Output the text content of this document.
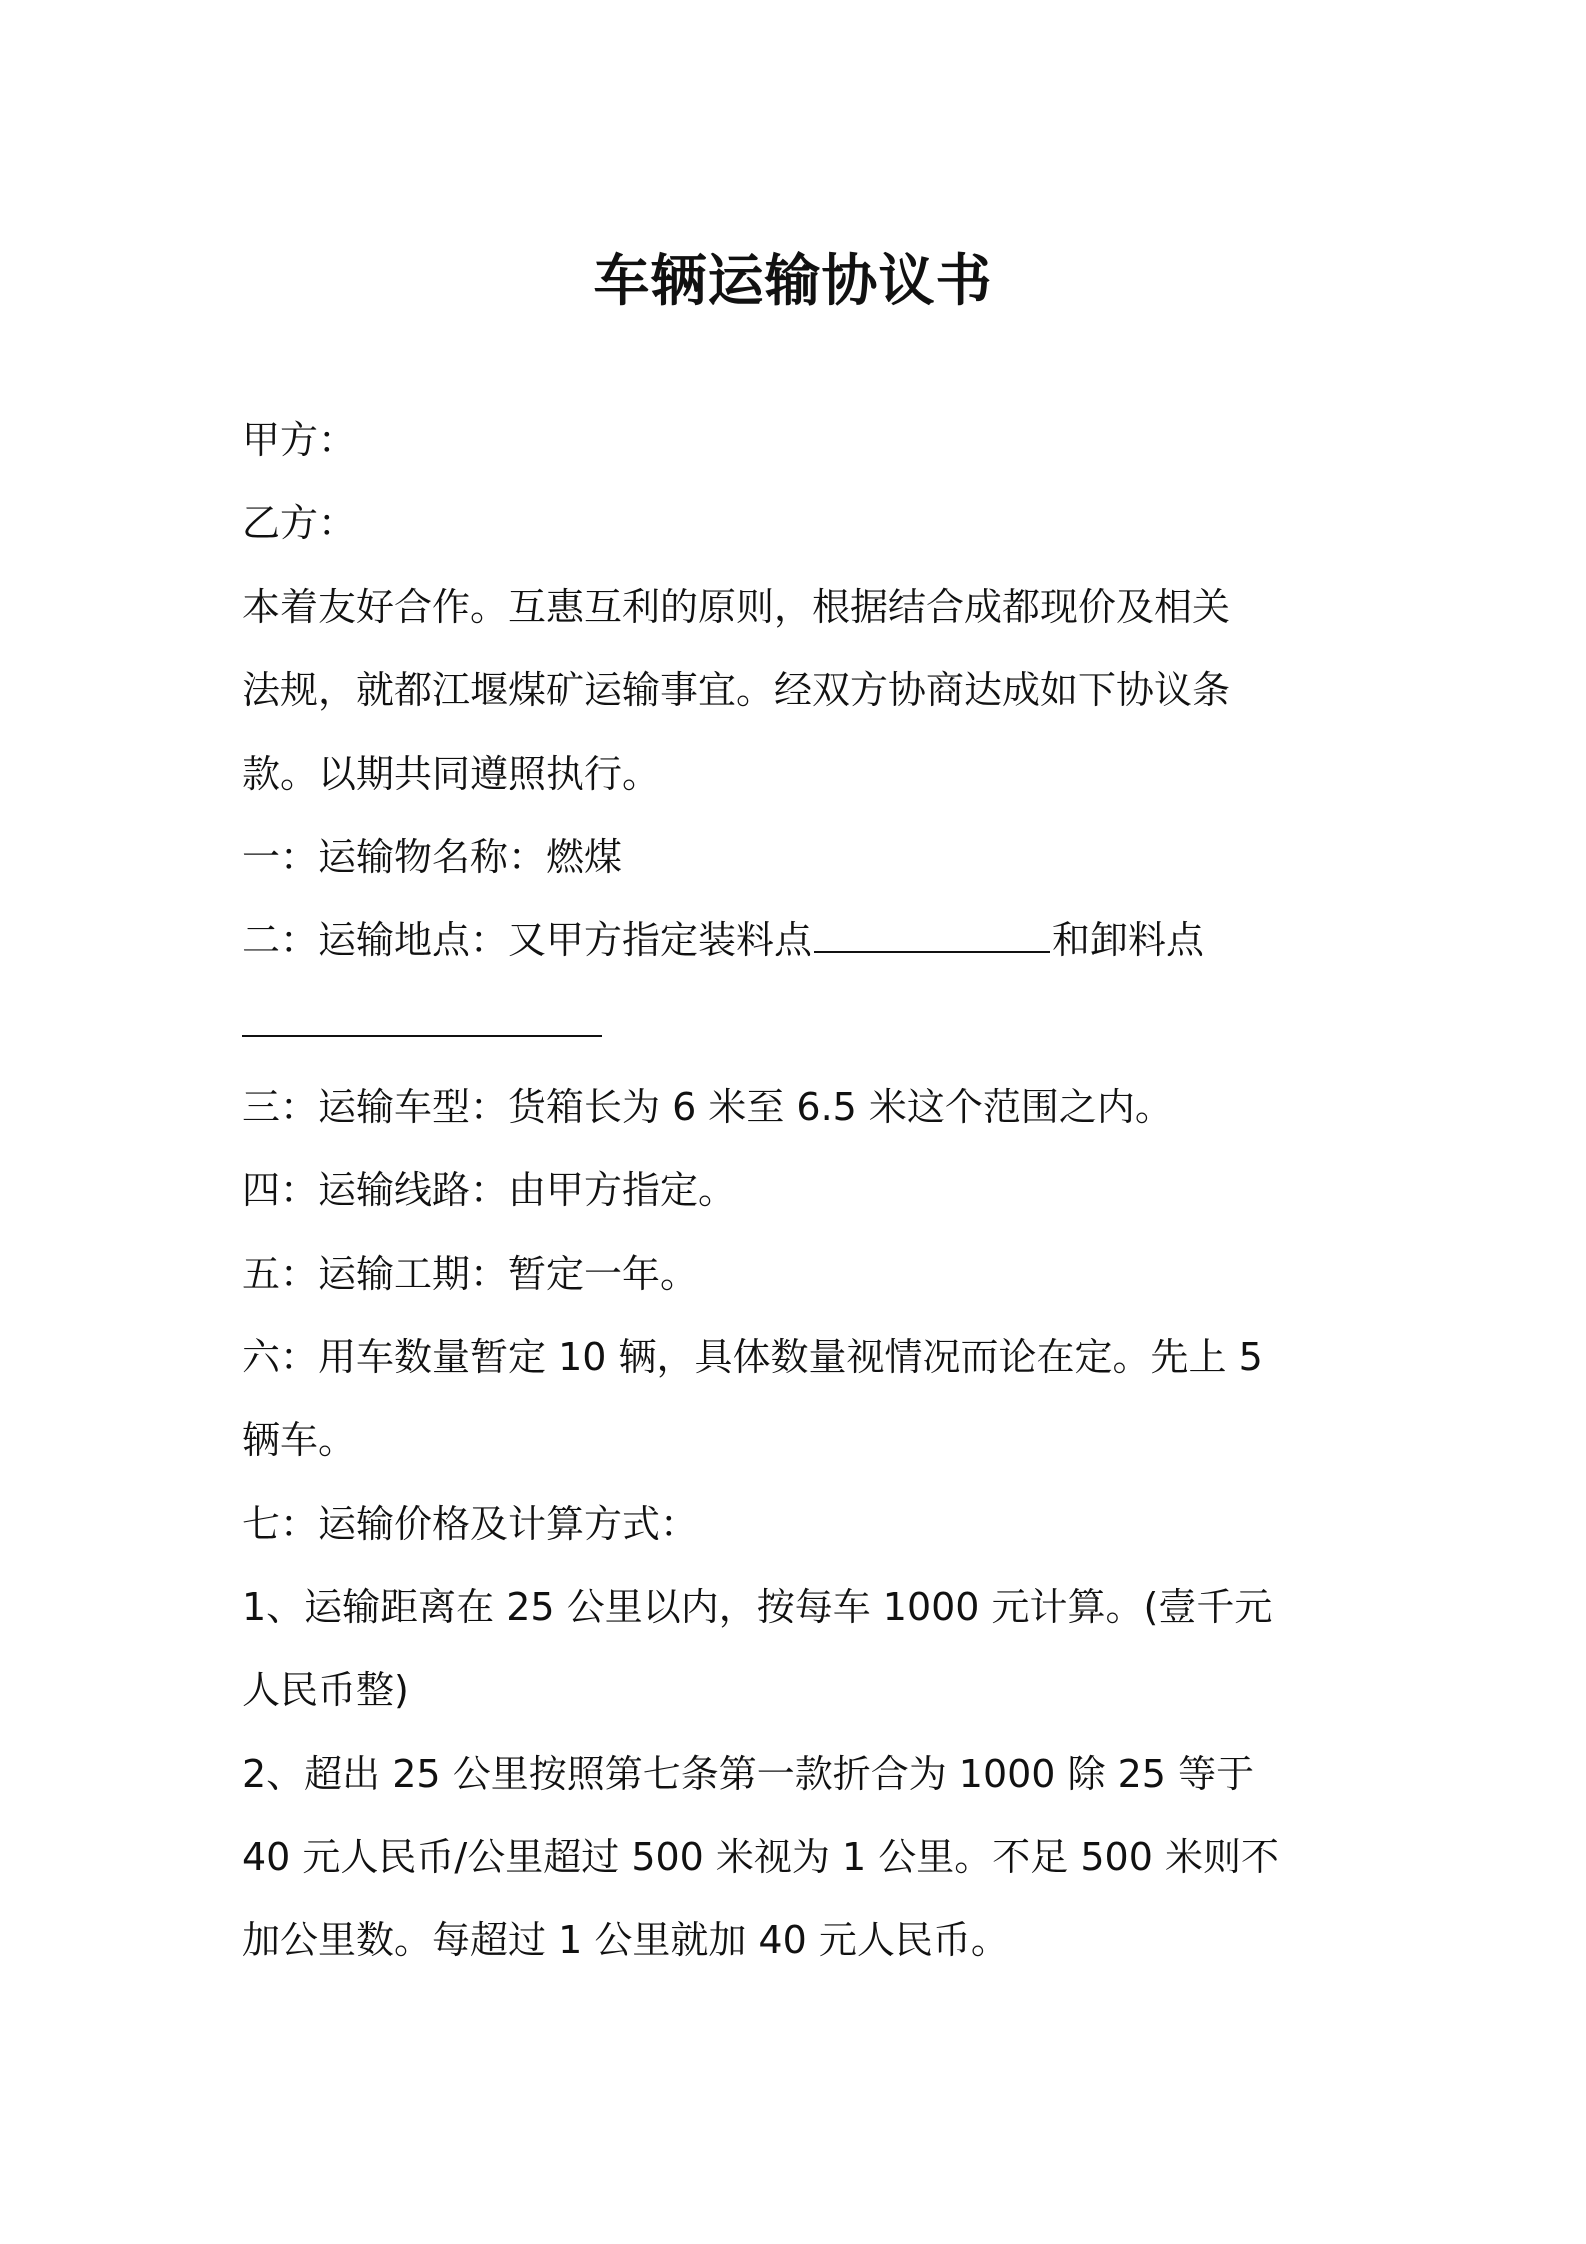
车辆运输协议书

甲方：

乙方：

本着友好合作。互惠互利的原则，根据结合成都现价及相关

法规，就都江堰煤矿运输事宜。经双方协商达成如下协议条

款。以期共同遵照执行。

一：运输物名称：燃煤

二：运输地点：又甲方指定装料点	和卸料点

三：运输车型：货箱长为 6 米至 6.5 米这个范围之内。

四：运输线路：由甲方指定。

五：运输工期：暂定一年。

六：用车数量暂定 10 辆，具体数量视情况而论在定。先上 5

辆车。

七：运输价格及计算方式：

1、运输距离在 25 公里以内，按每车 1000 元计算。(壹千元

人民币整)

2、超出 25 公里按照第七条第一款折合为 1000 除 25 等于

40 元人民币/公里超过 500 米视为 1 公里。不足 500 米则不

加公里数。每超过 1 公里就加 40 元人民币。
